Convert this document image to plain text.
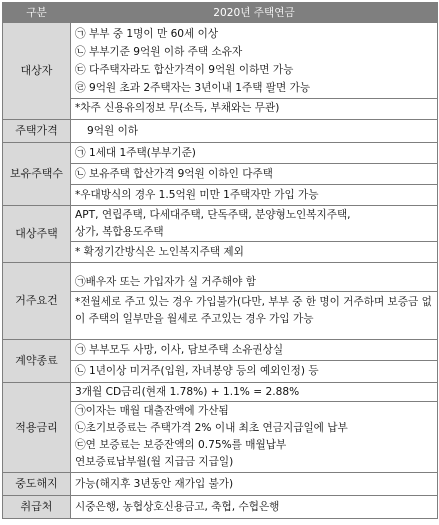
구분	2020년 주택연금
대상자	㉠ 부부 중 1명이 만 60세 이상
㉡ 부부기준 9억원 이하 주택 소유자
㉢ 다주택자라도 합산가격이 9억원 이하면 가능
㉣ 9억원 초과 2주택자는 3년이내 1주택 팔면 가능
*차주 신용유의정보 무(소득, 부채와는 무관)

주택가격	9억원 이하
보유주택수	㉠ 1세대 1주택(부부기준)
㉡ 보유주택 합산가격 9억원 이하인 다주택
*우대방식의 경우 1.5억원 미만 1주택자만 가입 가능

대상주택	APT, 연립주택, 다세대주택, 단독주택, 분양형노인복지주택,
상가, 복합용도주택
* 확정기간방식은 노인복지주택 제외

거주요건	㉠배우자 또는 가입자가 실 거주해야 함
*전월세로 주고 있는 경우 가입불가(다만, 부부 중 한 명이 거주하며 보증금 없이 주택의 일부만을 월세로 주고있는 경우 가입 가능

계약종료	㉠ 부부모두 사망, 이사, 담보주택 소유권상실
㉡ 1년이상 미거주(입원, 자녀봉양 등의 예외인정) 등

적용금리	3개월 CD금리(현재 1.78%) + 1.1% = 2.88%
㉠이자는 매월 대출잔액에 가산됨
㉡초기보증료는 주택가격 2% 이내 최초 연금지급일에 납부
㉢연 보증료는 보증잔액의 0.75%를 매월납부
연보증료납부월(월 지급금 지급일)

중도해지	가능(해지후 3년동안 재가입 불가)
취급처	시중은행, 농협상호신용금고, 축협, 수협은행
